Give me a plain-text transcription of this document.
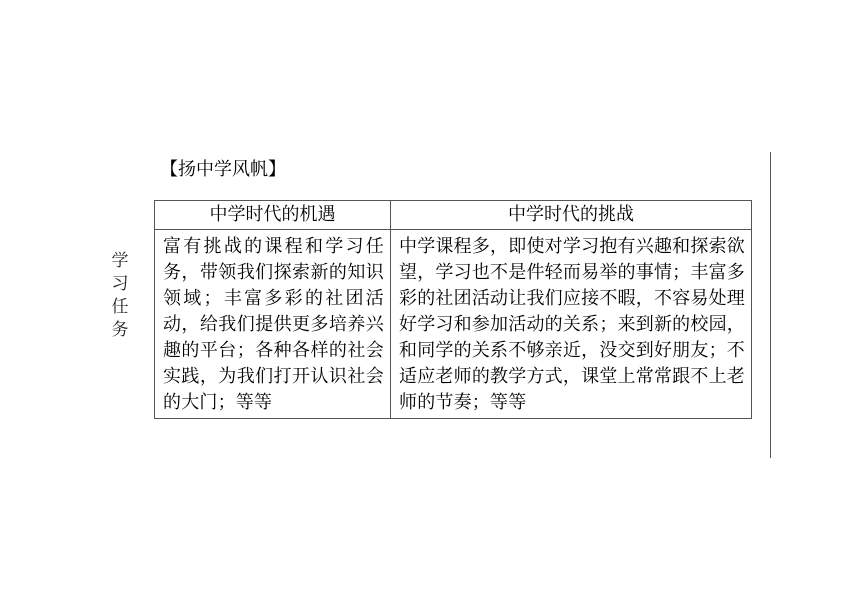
学
习
任
务
【扬中学风帆】
中学时代的机遇	中学时代的挑战
富有挑战的课程和学习任务，带领我们探索新的知识领域；丰富多彩的社团活动，给我们提供更多培养兴趣的平台；各种各样的社会实践，为我们打开认识社会的大门；等等	中学课程多，即使对学习抱有兴趣和探索欲望，学习也不是件轻而易举的事情；丰富多彩的社团活动让我们应接不暇，不容易处理好学习和参加活动的关系；来到新的校园，和同学的关系不够亲近，没交到好朋友；不适应老师的教学方式，课堂上常常跟不上老师的节奏；等等
